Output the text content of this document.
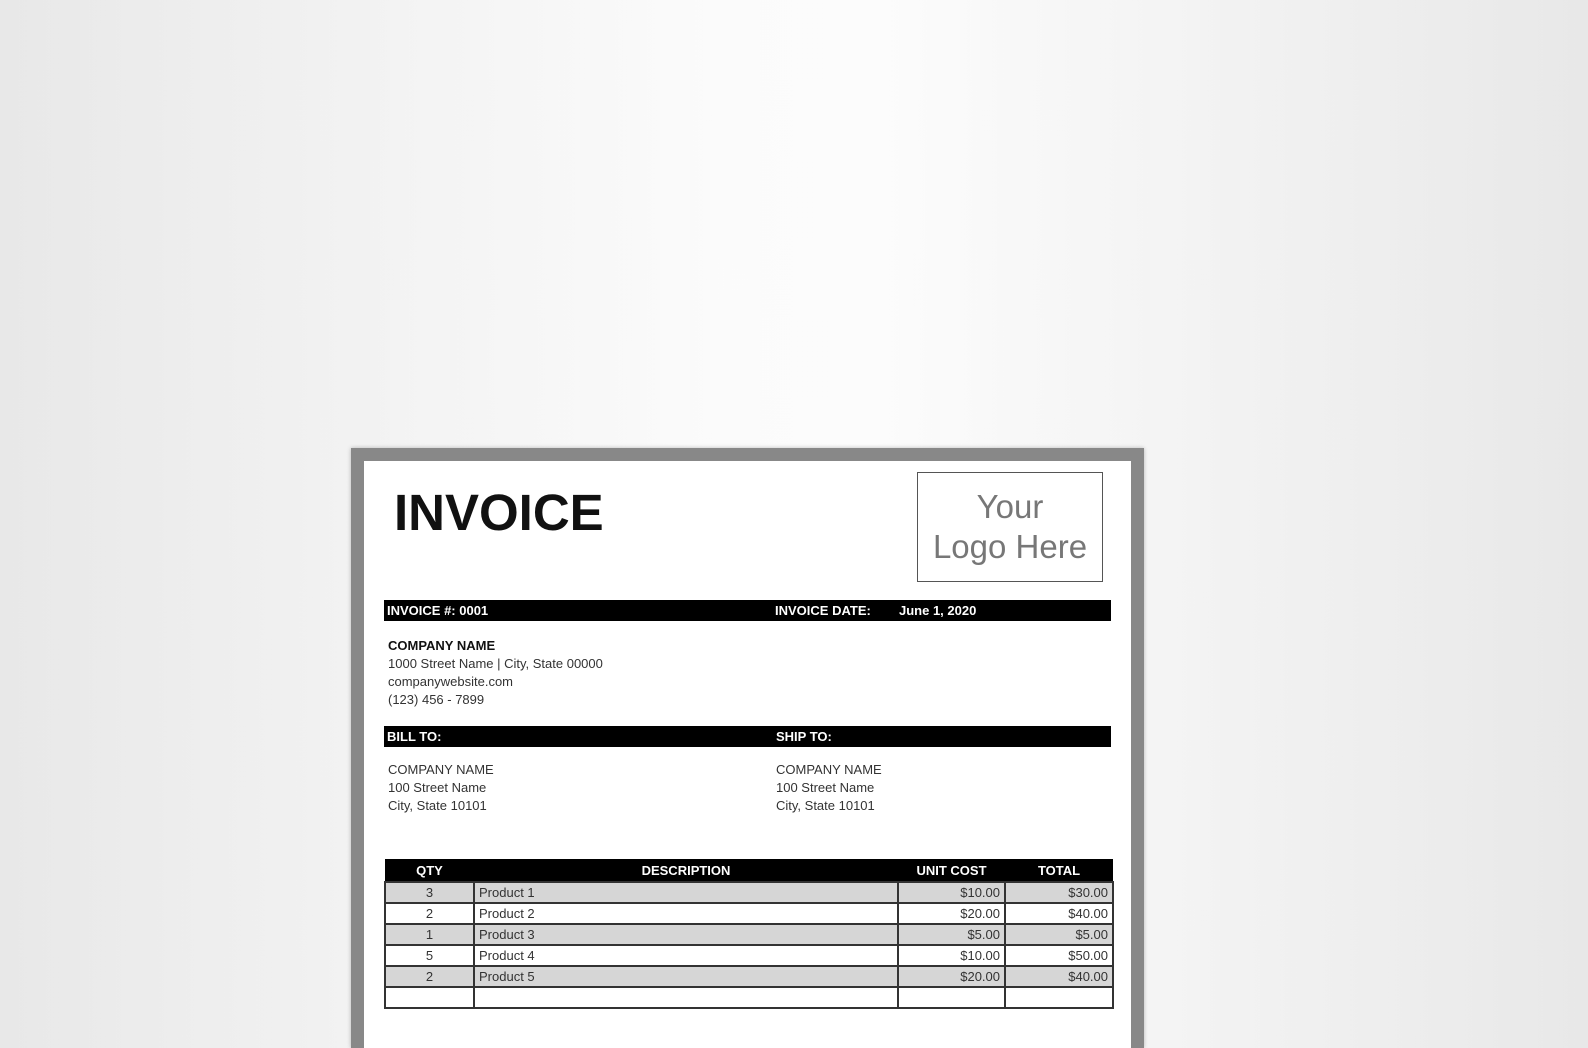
INVOICE	Your
Logo Here
INVOICE #: 0001	INVOICE DATE: June 1, 2020
COMPANY NAME
1000 Street Name | City, State 00000
companywebsite.com
(123) 456 - 7899
BILL TO:	SHIP TO:
COMPANY NAME
100 Street Name
City, State 10101
COMPANY NAME
100 Street Name
City, State 10101
QTY	DESCRIPTION	UNIT COST	TOTAL
3	Product 1	$10.00	$30.00
2	Product 2	$20.00	$40.00
1	Product 3	$5.00	$5.00
5	Product 4	$10.00	$50.00
2	Product 5	$20.00	$40.00
